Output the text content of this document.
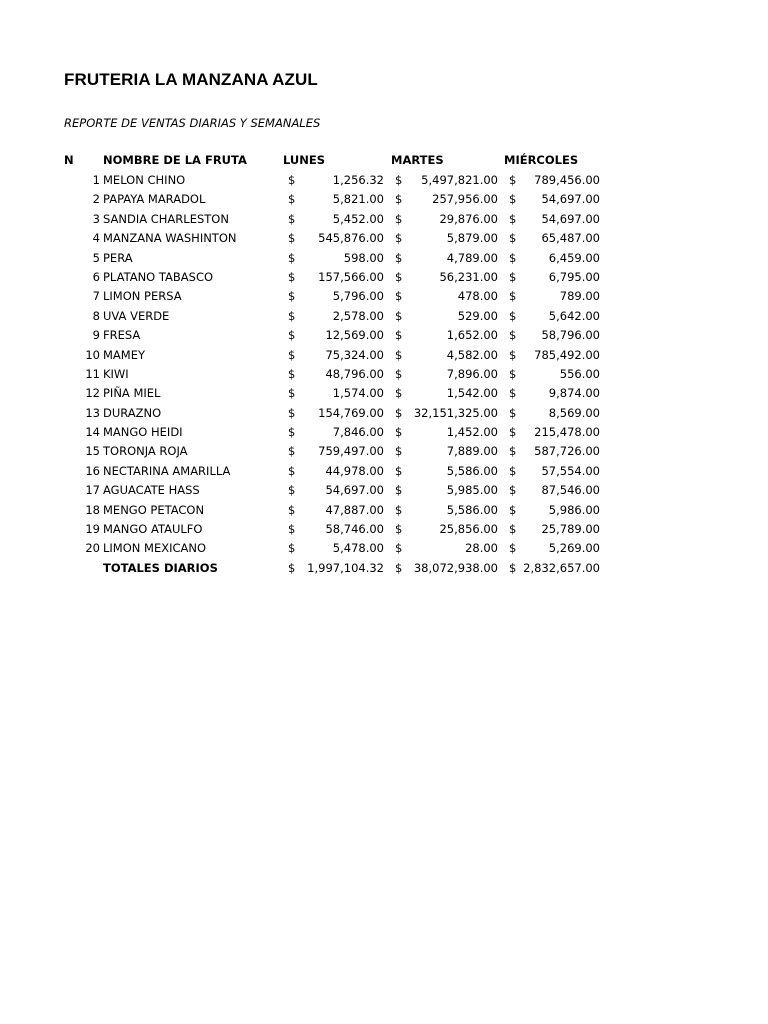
FRUTERIA LA MANZANA AZUL
REPORTE DE VENTAS DIARIAS Y SEMANALES
N	NOMBRE DE LA FRUTA	LUNES	MARTES	MIÉRCOLES
1 MELON CHINO	$	1,256.32 $ 5,497,821.00 $ 789,456.00
2 PAPAYA MARADOL	$	5,821.00 $	257,956.00 $ 54,697.00
3 SANDIA CHARLESTON	$	5,452.00 $	29,876.00 $ 54,697.00
4 MANZANA WASHINTON	$ 545,876.00 $	5,879.00 $ 65,487.00
5 PERA	$	598.00 $	4,789.00 $	6,459.00
6 PLATANO TABASCO	$ 157,566.00 $	56,231.00 $	6,795.00
7 LIMON PERSA	$	5,796.00 $	478.00 $	789.00
8 UVA VERDE	$	2,578.00 $	529.00 $	5,642.00
9 FRESA	$	12,569.00 $	1,652.00 $ 58,796.00
10 MAMEY	$	75,324.00 $	4,582.00 $ 785,492.00
11 KIWI	$	48,796.00 $	7,896.00 $	556.00
12 PIÑA MIEL	$	1,574.00 $	1,542.00 $	9,874.00
13 DURAZNO	$ 154,769.00 $ 32,151,325.00 $	8,569.00
14 MANGO HEIDI	$	7,846.00 $	1,452.00 $ 215,478.00
15 TORONJA ROJA	$ 759,497.00 $	7,889.00 $ 587,726.00
16 NECTARINA AMARILLA	$	44,978.00 $	5,586.00 $ 57,554.00
17 AGUACATE HASS	$	54,697.00 $	5,985.00 $ 87,546.00
18 MENGO PETACON	$	47,887.00 $	5,586.00 $	5,986.00
19 MANGO ATAULFO	$	58,746.00 $	25,856.00 $ 25,789.00
20 LIMON MEXICANO	$	5,478.00 $	28.00 $	5,269.00
TOTALES DIARIOS	$ 1,997,104.32 $ 38,072,938.00 $ 2,832,657.00
